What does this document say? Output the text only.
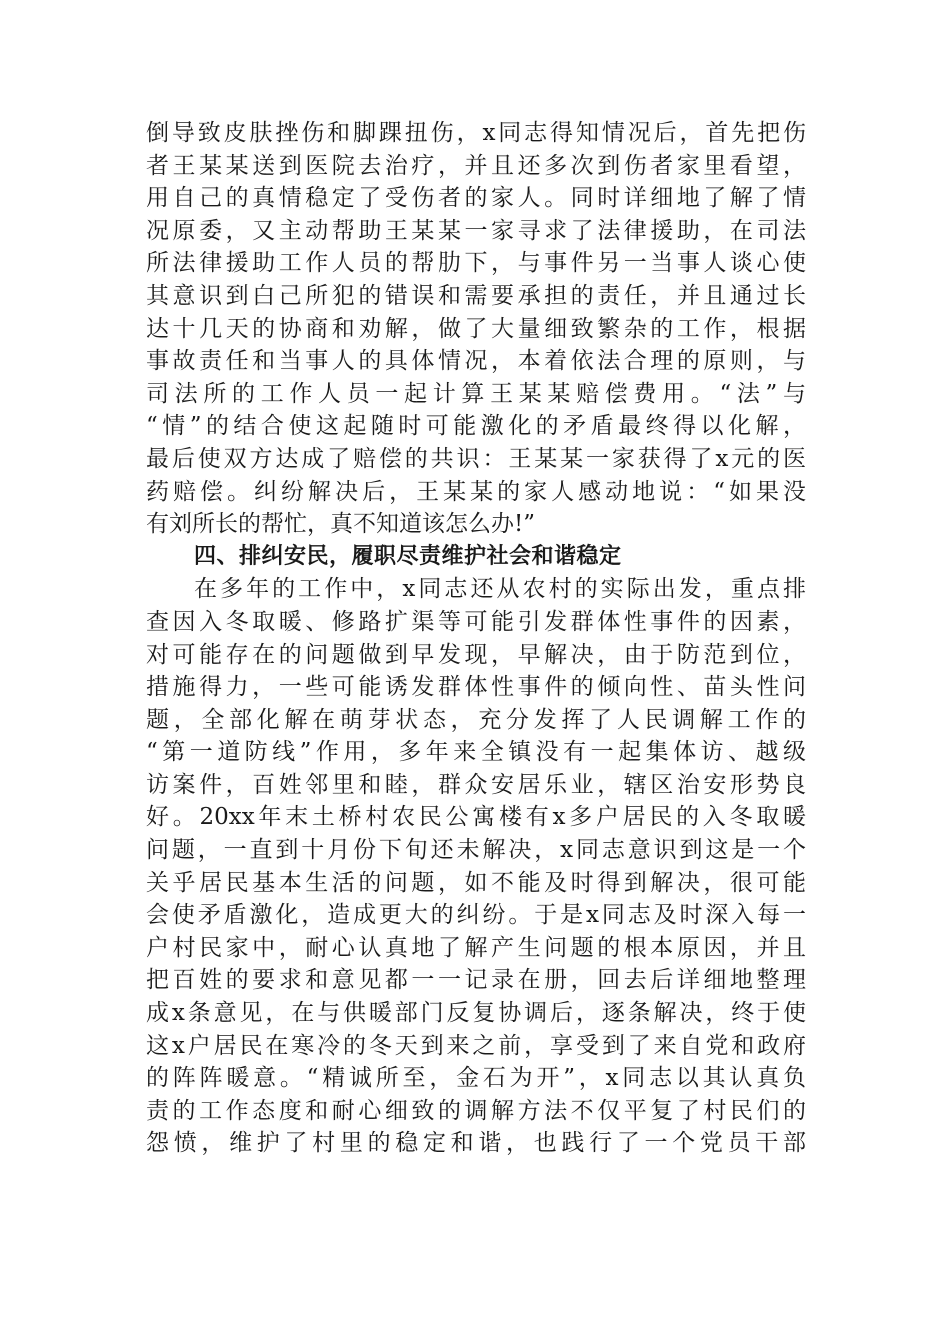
倒导致皮肤挫伤和脚踝扭伤，x同志得知情况后，首先把伤
者王某某送到医院去治疗，并且还多次到伤者家里看望，
用自己的真情稳定了受伤者的家人。同时详细地了解了情
况原委，又主动帮助王某某一家寻求了法律援助，在司法
所法律援助工作人员的帮肋下，与事件另一当事人谈心使
其意识到白己所犯的错误和需要承担的责任，并且通过长
达十几天的协商和劝解，做了大量细致繁杂的工作，根据
事故责任和当事人的具体情况，本着依法合理的原则，与
司法所的工作人员一起计算王某某赔偿费用。“法”与
“情”的结合使这起随时可能激化的矛盾最终得以化解，
最后使双方达成了赔偿的共识：王某某一家获得了x元的医
药赔偿。纠纷解决后，王某某的家人感动地说：“如果没
有刘所长的帮忙，真不知道该怎么办!”
四、排纠安民，履职尽责维护社会和谐稳定
在多年的工作中，x同志还从农村的实际出发，重点排
查因入冬取暖、修路扩渠等可能引发群体性事件的因素，
对可能存在的问题做到早发现，早解决，由于防范到位，
措施得力，一些可能诱发群体性事件的倾向性、苗头性问
题，全部化解在萌芽状态，充分发挥了人民调解工作的
“第一道防线”作用，多年来全镇没有一起集体访、越级
访案件，百姓邻里和睦，群众安居乐业，辖区治安形势良
好。20xx年末土桥村农民公寓楼有x多户居民的入冬取暖
问题，一直到十月份下旬还未解决，x同志意识到这是一个
关乎居民基本生活的问题，如不能及时得到解决，很可能
会使矛盾激化，造成更大的纠纷。于是x同志及时深入每一
户村民家中，耐心认真地了解产生问题的根本原因，并且
把百姓的要求和意见都一一记录在册，回去后详细地整理
成x条意见，在与供暖部门反复协调后，逐条解决，终于使
这x户居民在寒冷的冬天到来之前，享受到了来自党和政府
的阵阵暖意。“精诚所至，金石为开”，x同志以其认真负
责的工作态度和耐心细致的调解方法不仅平复了村民们的
怨愤，维护了村里的稳定和谐，也践行了一个党员干部
